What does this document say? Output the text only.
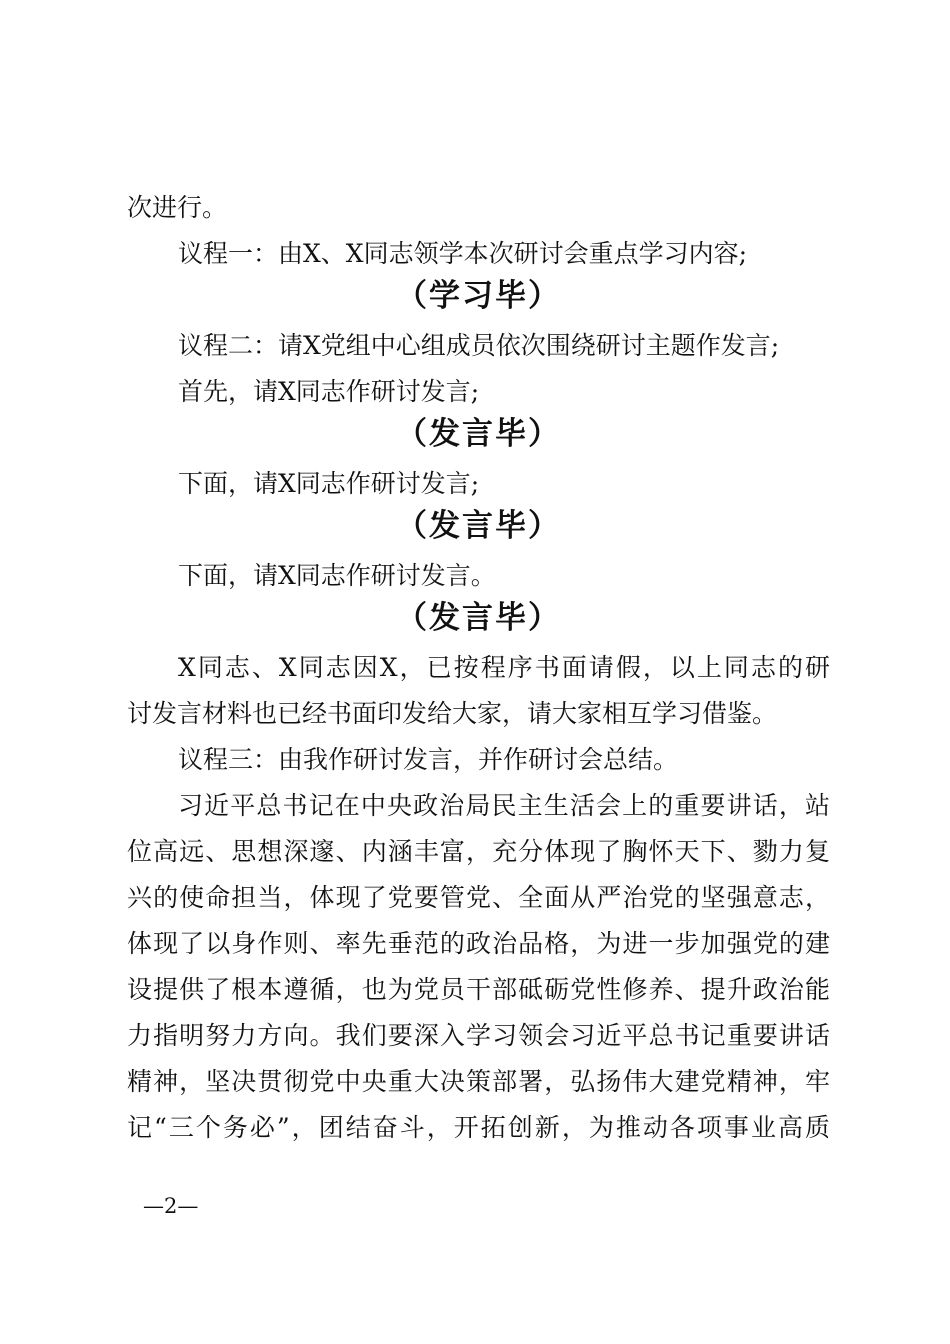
次进行。
议程一：由X、X同志领学本次研讨会重点学习内容;
（学习毕）
议程二：请X党组中心组成员依次围绕研讨主题作发言;
首先，请X同志作研讨发言;
（发言毕）
下面，请X同志作研讨发言;
（发言毕）
下面，请X同志作研讨发言。
（发言毕）
X同志、X同志因X，已按程序书面请假，以上同志的研
讨发言材料也已经书面印发给大家，请大家相互学习借鉴。
议程三：由我作研讨发言，并作研讨会总结。
习近平总书记在中央政治局民主生活会上的重要讲话，站
位高远、思想深邃、内涵丰富，充分体现了胸怀天下、勠力复
兴的使命担当，体现了党要管党、全面从严治党的坚强意志，
体现了以身作则、率先垂范的政治品格，为进一步加强党的建
设提供了根本遵循，也为党员干部砥砺党性修养、提升政治能
力指明努力方向。我们要深入学习领会习近平总书记重要讲话
精神，坚决贯彻党中央重大决策部署，弘扬伟大建党精神，牢
记“三个务必”，团结奋斗，开拓创新，为推动各项事业高质
—2—
